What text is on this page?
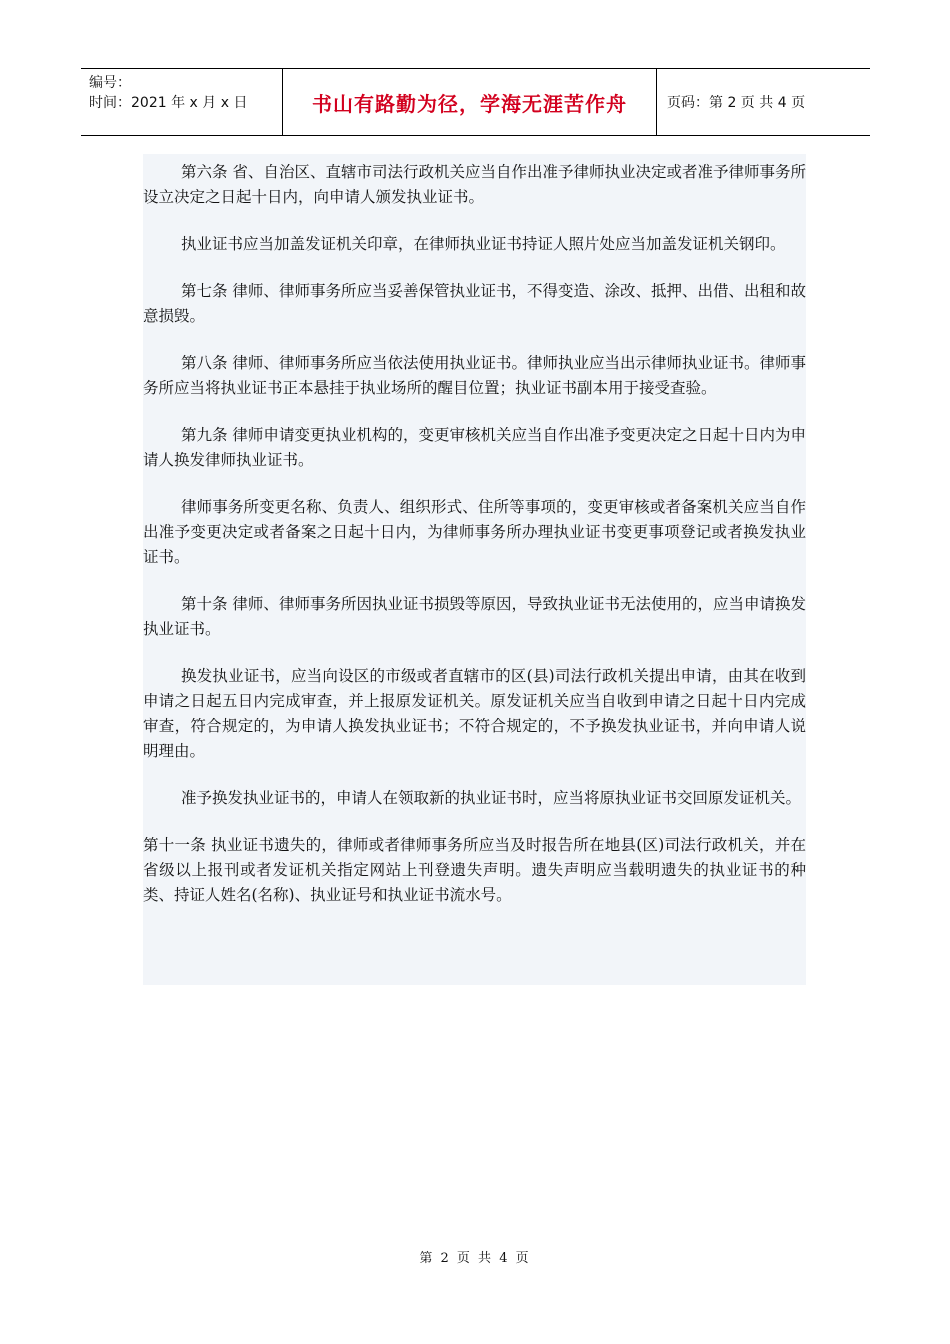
编号：
时间：2021 年 x 月 x 日	书山有路勤为径，学海无涯苦作舟	页码：第 2 页 共 4 页

第六条 省、自治区、直辖市司法行政机关应当自作出准予律师执业决定或者准予律师事务所设立决定之日起十日内，向申请人颁发执业证书。

执业证书应当加盖发证机关印章，在律师执业证书持证人照片处应当加盖发证机关钢印。

第七条 律师、律师事务所应当妥善保管执业证书，不得变造、涂改、抵押、出借、出租和故意损毁。

第八条 律师、律师事务所应当依法使用执业证书。律师执业应当出示律师执业证书。律师事务所应当将执业证书正本悬挂于执业场所的醒目位置；执业证书副本用于接受查验。

第九条 律师申请变更执业机构的，变更审核机关应当自作出准予变更决定之日起十日内为申请人换发律师执业证书。

律师事务所变更名称、负责人、组织形式、住所等事项的，变更审核或者备案机关应当自作出准予变更决定或者备案之日起十日内，为律师事务所办理执业证书变更事项登记或者换发执业证书。

第十条 律师、律师事务所因执业证书损毁等原因，导致执业证书无法使用的，应当申请换发执业证书。

换发执业证书，应当向设区的市级或者直辖市的区(县)司法行政机关提出申请，由其在收到申请之日起五日内完成审查，并上报原发证机关。原发证机关应当自收到申请之日起十日内完成审查，符合规定的，为申请人换发执业证书；不符合规定的，不予换发执业证书，并向申请人说明理由。

准予换发执业证书的，申请人在领取新的执业证书时，应当将原执业证书交回原发证机关。

第十一条 执业证书遗失的，律师或者律师事务所应当及时报告所在地县(区)司法行政机关，并在省级以上报刊或者发证机关指定网站上刊登遗失声明。遗失声明应当载明遗失的执业证书的种类、持证人姓名(名称)、执业证号和执业证书流水号。

第 2 页 共 4 页
